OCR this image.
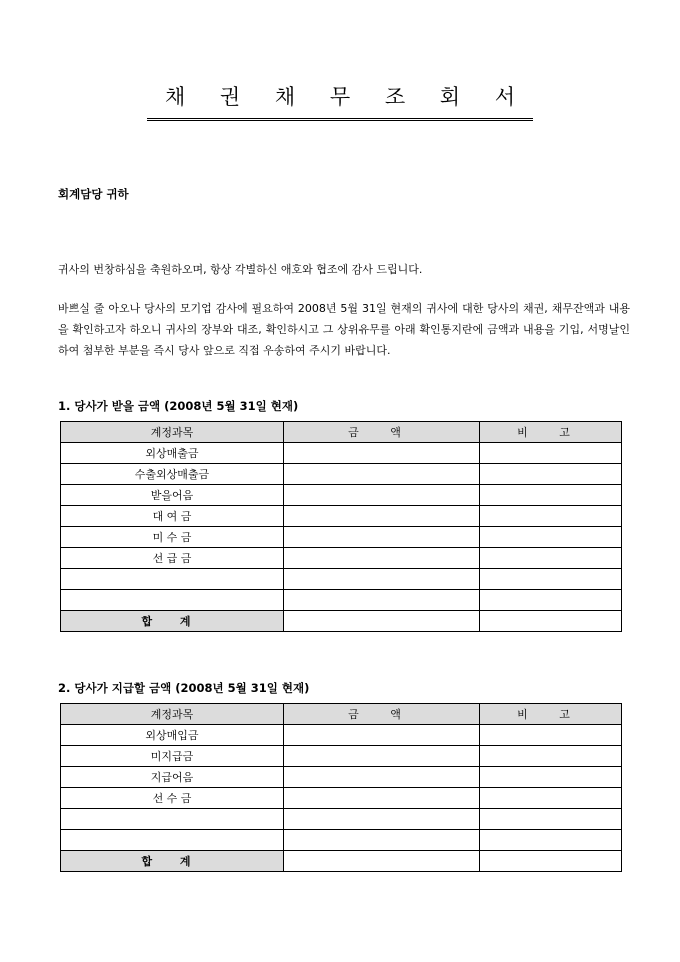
채 권 채 무 조 회 서
회계담당 귀하

귀사의 번창하심을 축원하오며, 항상 각별하신 애호와 협조에 감사 드립니다.

바쁘실 줄 아오나 당사의 모기업 감사에 필요하여 2008년 5월 31일 현재의 귀사에 대한 당사의 채권, 채무잔액과 내용을 확인하고자 하오니 귀사의 장부와 대조, 확인하시고 그 상위유무를 아래 확인통지란에 금액과 내용을 기입, 서명날인하여 첨부한 부분을 즉시 당사 앞으로 직접 우송하여 주시기 바랍니다.

1. 당사가 받을 금액 (2008년 5월 31일 현재)
계정과목	금 액	비 고
외상매출금		
수출외상매출금		
받을어음		
대 여 금		
미 수 금		
선 급 금		

합 계		
2. 당사가 지급할 금액 (2008년 5월 31일 현재)
계정과목	금 액	비 고
외상매입금		
미지급금		
지급어음		
선 수 금		

합 계		
